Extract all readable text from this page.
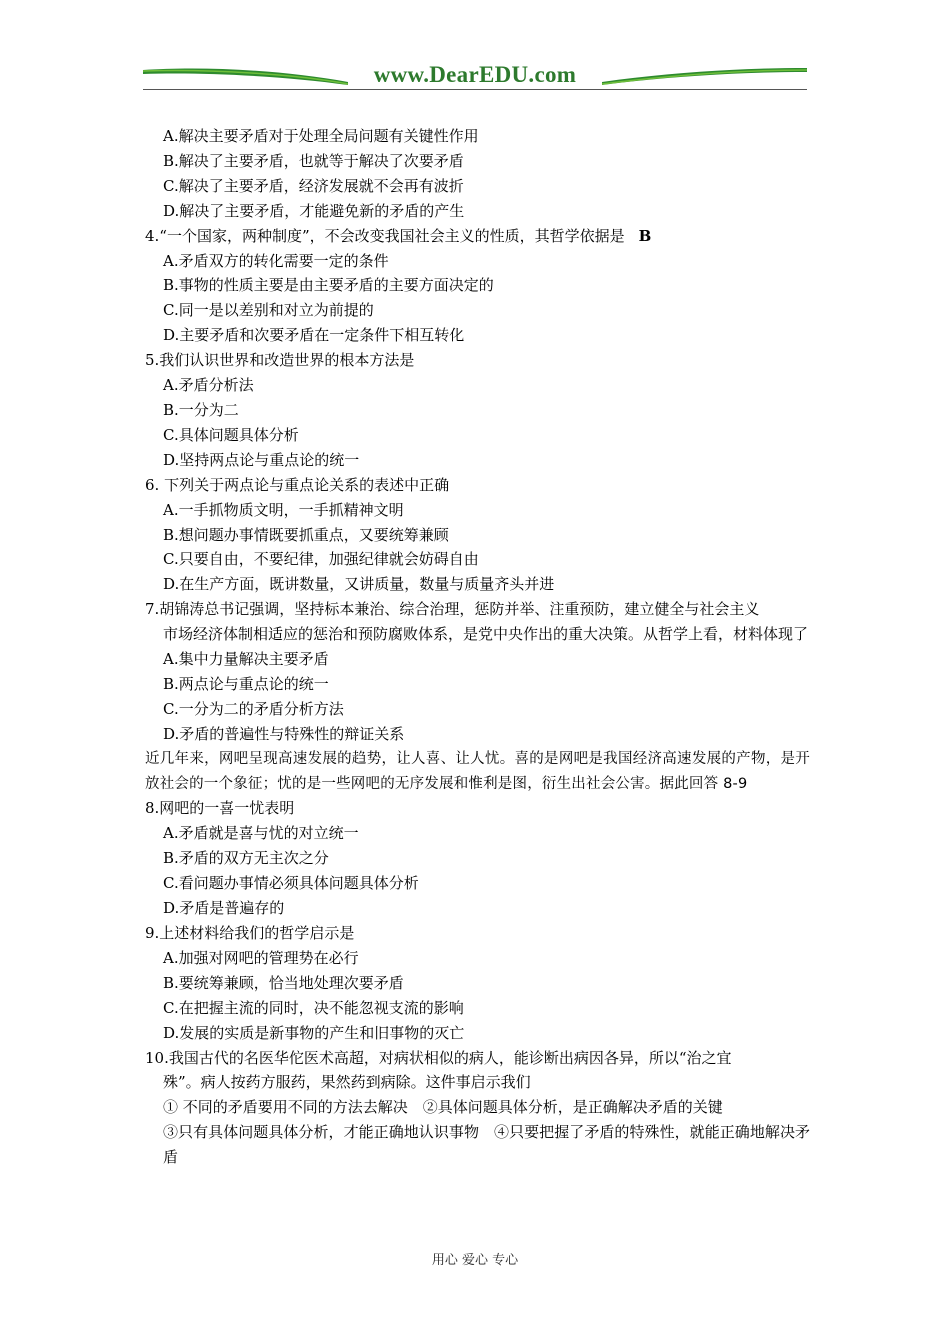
www.DearEDU.com
A.解决主要矛盾对于处理全局问题有关键性作用
B.解决了主要矛盾，也就等于解决了次要矛盾
C.解决了主要矛盾，经济发展就不会再有波折
D.解决了主要矛盾，才能避免新的矛盾的产生
4.“一个国家，两种制度”，不会改变我国社会主义的性质，其哲学依据是 B
A.矛盾双方的转化需要一定的条件
B.事物的性质主要是由主要矛盾的主要方面决定的
C.同一是以差别和对立为前提的
D.主要矛盾和次要矛盾在一定条件下相互转化
5.我们认识世界和改造世界的根本方法是
A.矛盾分析法
B.一分为二
C.具体问题具体分析
D.坚持两点论与重点论的统一
6. 下列关于两点论与重点论关系的表述中正确
A.一手抓物质文明，一手抓精神文明
B.想问题办事情既要抓重点，又要统筹兼顾
C.只要自由，不要纪律，加强纪律就会妨碍自由
D.在生产方面，既讲数量，又讲质量，数量与质量齐头并进
7.胡锦涛总书记强调，坚持标本兼治、综合治理，惩防并举、注重预防，建立健全与社会主义
市场经济体制相适应的惩治和预防腐败体系，是党中央作出的重大决策。从哲学上看，材料体现了
A.集中力量解决主要矛盾
B.两点论与重点论的统一
C.一分为二的矛盾分析方法
D.矛盾的普遍性与特殊性的辩证关系
近几年来，网吧呈现高速发展的趋势，让人喜、让人忧。喜的是网吧是我国经济高速发展的产物，是开放社会的一个象征；忧的是一些网吧的无序发展和惟利是图，衍生出社会公害。据此回答 8-9
8.网吧的一喜一忧表明
A.矛盾就是喜与忧的对立统一
B.矛盾的双方无主次之分
C.看问题办事情必须具体问题具体分析
D.矛盾是普遍存的
9.上述材料给我们的哲学启示是
A.加强对网吧的管理势在必行
B.要统筹兼顾，恰当地处理次要矛盾
C.在把握主流的同时，决不能忽视支流的影响
D.发展的实质是新事物的产生和旧事物的灭亡
10.我国古代的名医华佗医术高超，对病状相似的病人，能诊断出病因各异，所以“治之宜
殊”。病人按药方服药，果然药到病除。这件事启示我们
① 不同的矛盾要用不同的方法去解决　②具体问题具体分析，是正确解决矛盾的关键
③只有具体问题具体分析，才能正确地认识事物　④只要把握了矛盾的特殊性，就能正确地解决矛盾
用心 爱心 专心
